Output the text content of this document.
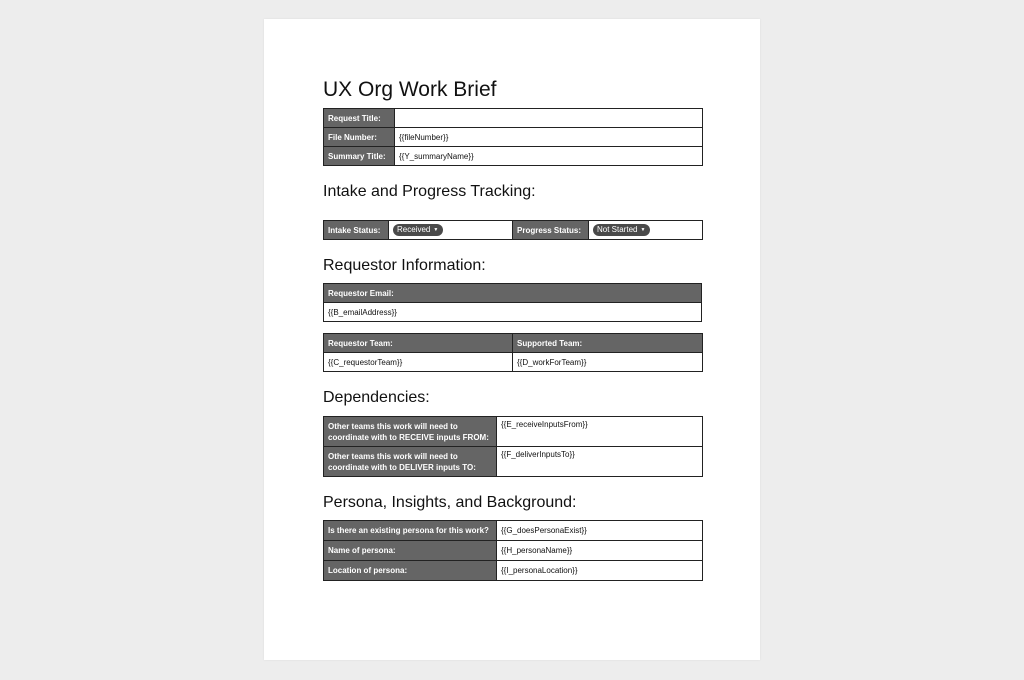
UX Org Work Brief
Request Title:	
File Number:	{{fileNumber}}
Summary Title:	{{Y_summaryName}}
Intake and Progress Tracking:
Intake Status:	Received ▼	Progress Status:	Not Started ▼
Requestor Information:
Requestor Email:
{{B_emailAddress}}
Requestor Team:	Supported Team:
{{C_requestorTeam}}	{{D_workForTeam}}
Dependencies:
Other teams this work will need to coordinate with to RECEIVE inputs FROM:	{{E_receiveInputsFrom}}
Other teams this work will need to coordinate with to DELIVER inputs TO:	{{F_deliverInputsTo}}
Persona, Insights, and Background:
Is there an existing persona for this work?	{{G_doesPersonaExist}}
Name of persona:	{{H_personaName}}
Location of persona:	{{I_personaLocation}}
